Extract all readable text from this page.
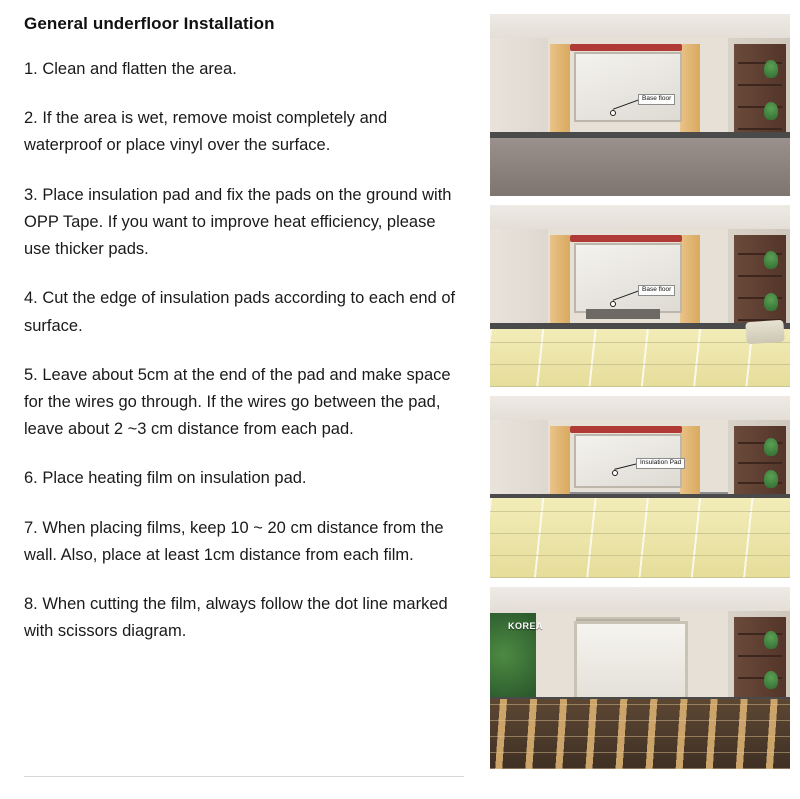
General underfloor Installation

1. Clean and flatten the area.

2. If the area is wet, remove moist completely and waterproof or place vinyl over the surface.

3. Place insulation pad and fix the pads on the ground with OPP Tape. If you want to improve heat efficiency, please use thicker pads.

4. Cut the edge of insulation pads according to each end of surface.

5. Leave about 5cm at the end of the pad and make space for the wires go through. If the wires go between the pad, leave about 2 ~3 cm distance from each pad.

6. Place heating film on insulation pad.

7. When placing films, keep 10 ~ 20 cm distance from the wall. Also, place at least 1cm distance from each film.

8. When cutting the film, always follow the dot line marked with scissors diagram.

Base floor
Base floor
Insulation Pad
KOREA
